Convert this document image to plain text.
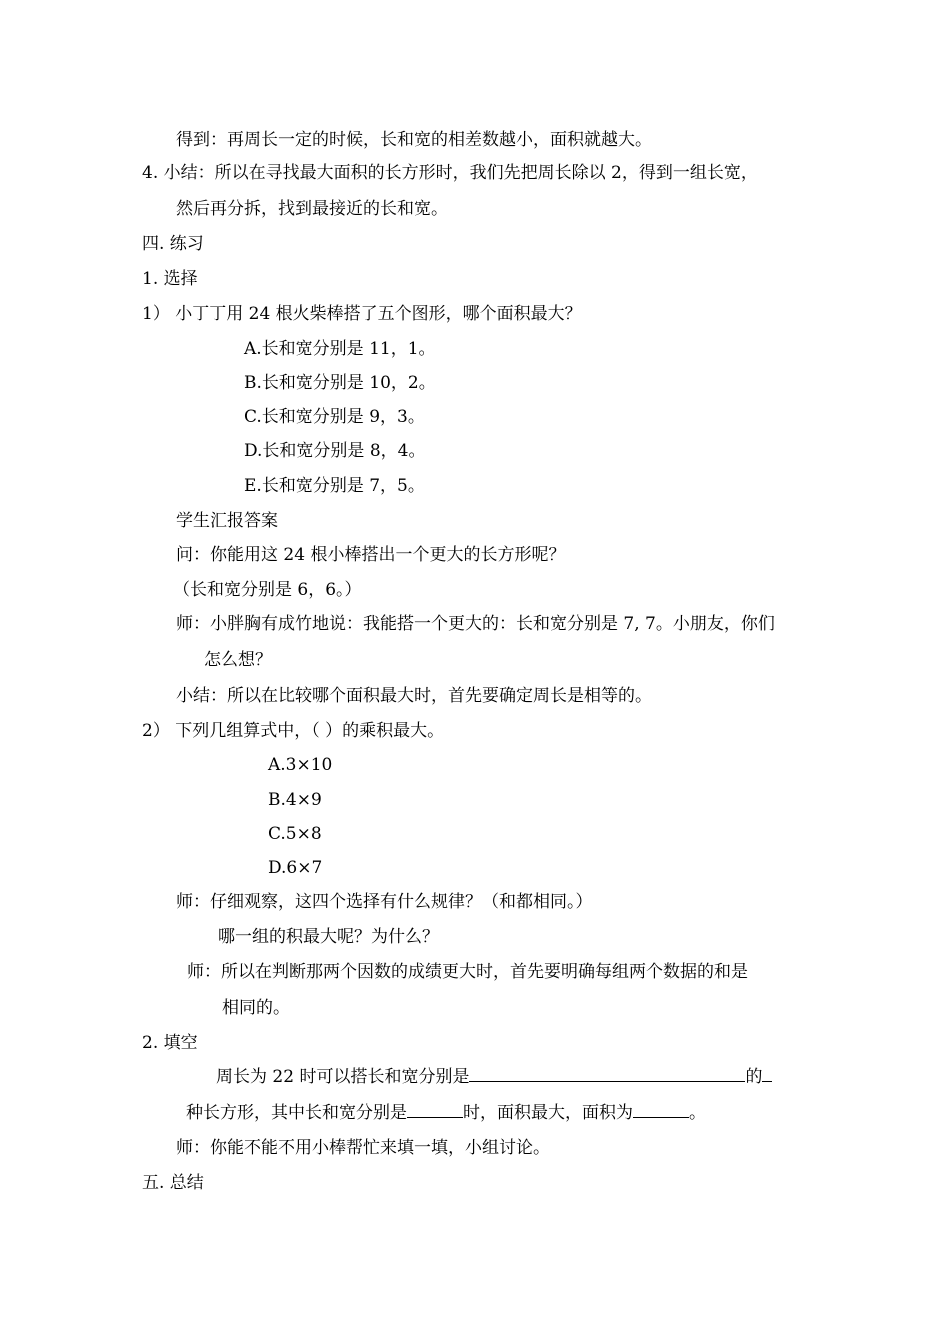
得到：再周长一定的时候，长和宽的相差数越小，面积就越大。
4. 小结：所以在寻找最大面积的长方形时，我们先把周长除以 2，得到一组长宽，
然后再分拆，找到最接近的长和宽。
四. 练习
1. 选择
1） 小丁丁用 24 根火柴棒搭了五个图形，哪个面积最大？
A.长和宽分别是 11，1。
B.长和宽分别是 10，2。
C.长和宽分别是 9，3。
D.长和宽分别是 8，4。
E.长和宽分别是 7，5。
学生汇报答案
问：你能用这 24 根小棒搭出一个更大的长方形呢？
（长和宽分别是 6，6。）
师：小胖胸有成竹地说：我能搭一个更大的：长和宽分别是 7, 7。小朋友，你们
怎么想？
小结：所以在比较哪个面积最大时，首先要确定周长是相等的。
2） 下列几组算式中，（ ）的乘积最大。
A.3×10
B.4×9
C.5×8
D.6×7
师：仔细观察，这四个选择有什么规律？（和都相同。）
哪一组的积最大呢？为什么？
师：所以在判断那两个因数的成绩更大时，首先要明确每组两个数据的和是
相同的。
2. 填空
周长为 22 时可以搭长和宽分别是	的
种长方形，其中长和宽分别是	时，面积最大，面积为	。
师：你能不能不用小棒帮忙来填一填，小组讨论。
五. 总结
